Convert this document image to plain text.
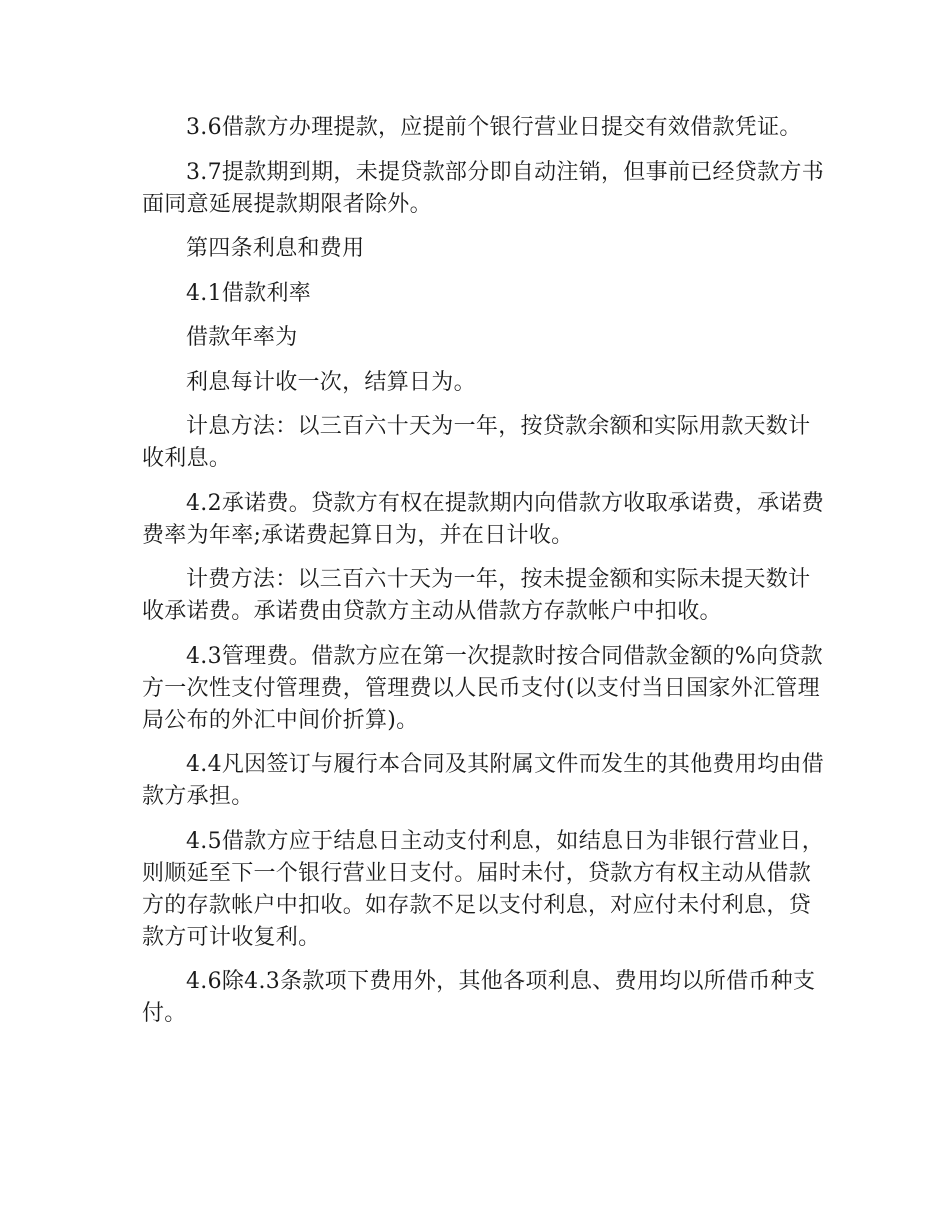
3.6借款方办理提款，应提前个银行营业日提交有效借款凭证。

3.7提款期到期，未提贷款部分即自动注销，但事前已经贷款方书面同意延展提款期限者除外。

第四条利息和费用

4.1借款利率

借款年率为

利息每计收一次，结算日为。

计息方法：以三百六十天为一年，按贷款余额和实际用款天数计收利息。

4.2承诺费。贷款方有权在提款期内向借款方收取承诺费，承诺费费率为年率;承诺费起算日为，并在日计收。

计费方法：以三百六十天为一年，按未提金额和实际未提天数计收承诺费。承诺费由贷款方主动从借款方存款帐户中扣收。

4.3管理费。借款方应在第一次提款时按合同借款金额的%向贷款方一次性支付管理费，管理费以人民币支付(以支付当日国家外汇管理局公布的外汇中间价折算)。

4.4凡因签订与履行本合同及其附属文件而发生的其他费用均由借款方承担。

4.5借款方应于结息日主动支付利息，如结息日为非银行营业日，则顺延至下一个银行营业日支付。届时未付，贷款方有权主动从借款方的存款帐户中扣收。如存款不足以支付利息，对应付未付利息，贷款方可计收复利。

4.6除4.3条款项下费用外，其他各项利息、费用均以所借币种支付。
